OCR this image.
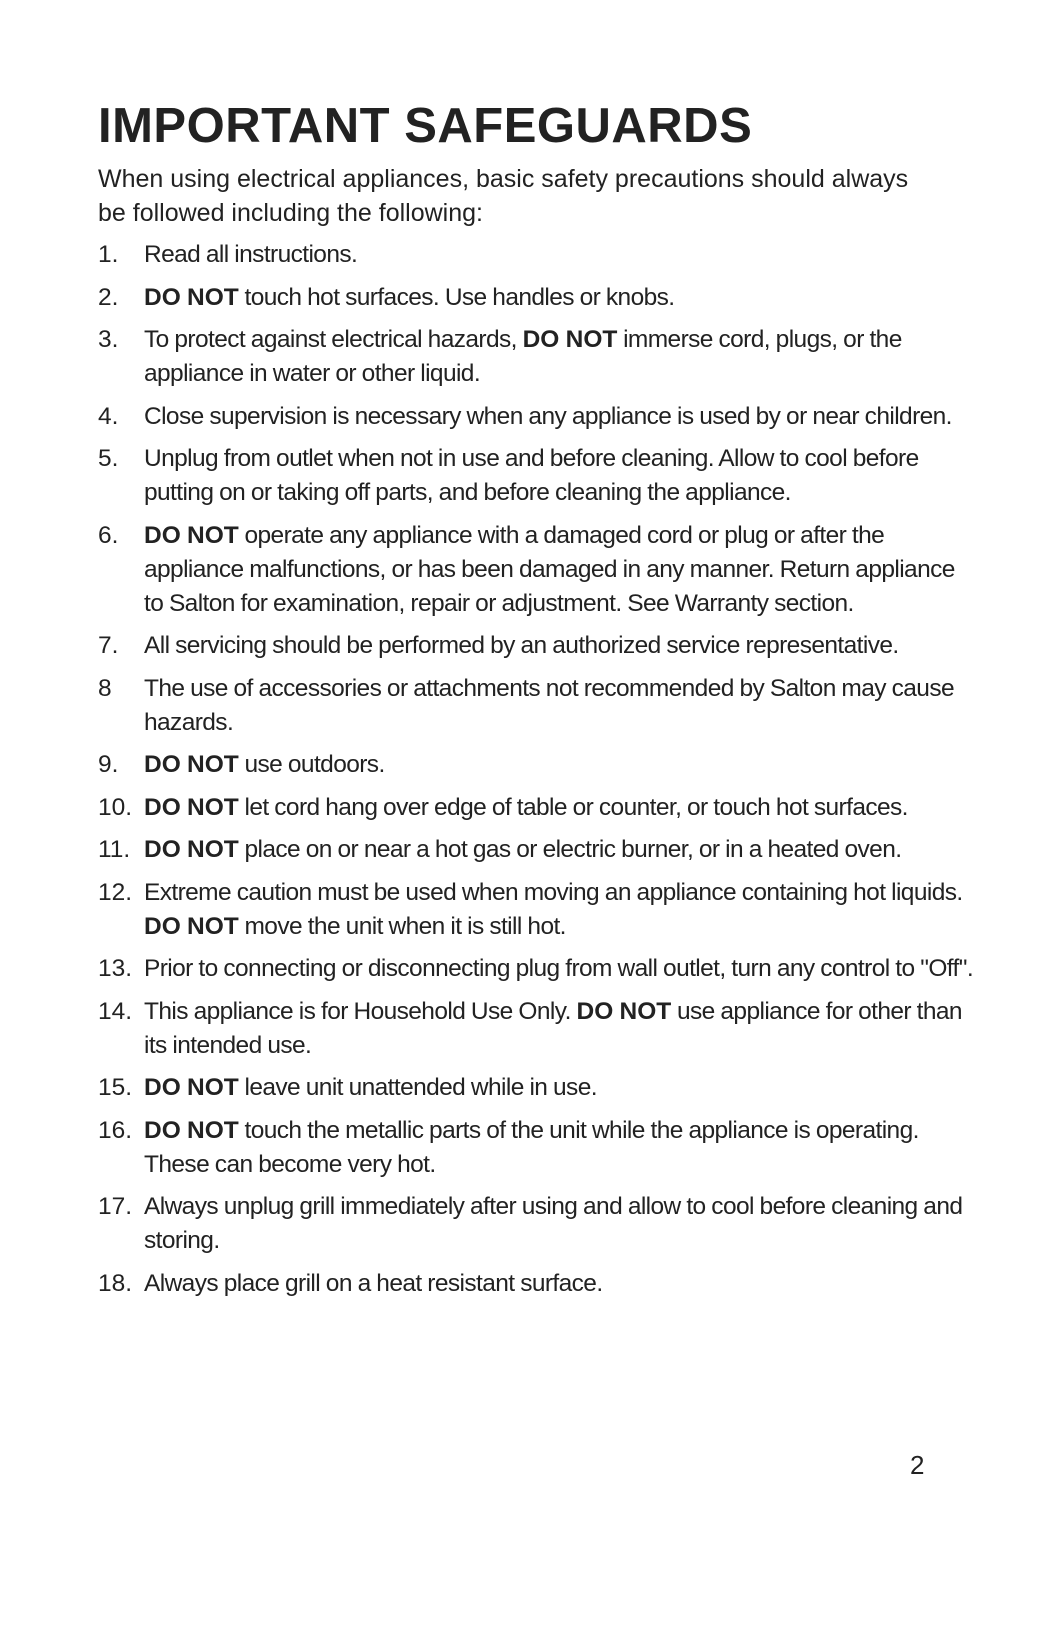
IMPORTANT SAFEGUARDS

When using electrical appliances, basic safety precautions should always be followed including the following:

1.	Read all instructions.
2.	DO NOT touch hot surfaces. Use handles or knobs.
3.	To protect against electrical hazards, DO NOT immerse cord, plugs, or the appliance in water or other liquid.
4.	Close supervision is necessary when any appliance is used by or near children.
5.	Unplug from outlet when not in use and before cleaning. Allow to cool before putting on or taking off parts, and before cleaning the appliance.
6.	DO NOT operate any appliance with a damaged cord or plug or after the appliance malfunctions, or has been damaged in any manner. Return appliance to Salton for examination, repair or adjustment. See Warranty section.
7.	All servicing should be performed by an authorized service representative.
8	The use of accessories or attachments not recommended by Salton may cause hazards.
9.	DO NOT use outdoors.
10. DO NOT let cord hang over edge of table or counter, or touch hot surfaces.
11. DO NOT place on or near a hot gas or electric burner, or in a heated oven.
12. Extreme caution must be used when moving an appliance containing hot liquids. DO NOT move the unit when it is still hot.
13. Prior to connecting or disconnecting plug from wall outlet, turn any control to "Off".
14. This appliance is for Household Use Only. DO NOT use appliance for other than its intended use.
15. DO NOT leave unit unattended while in use.
16. DO NOT touch the metallic parts of the unit while the appliance is operating. These can become very hot.
17. Always unplug grill immediately after using and allow to cool before cleaning and storing.
18. Always place grill on a heat resistant surface.
2
